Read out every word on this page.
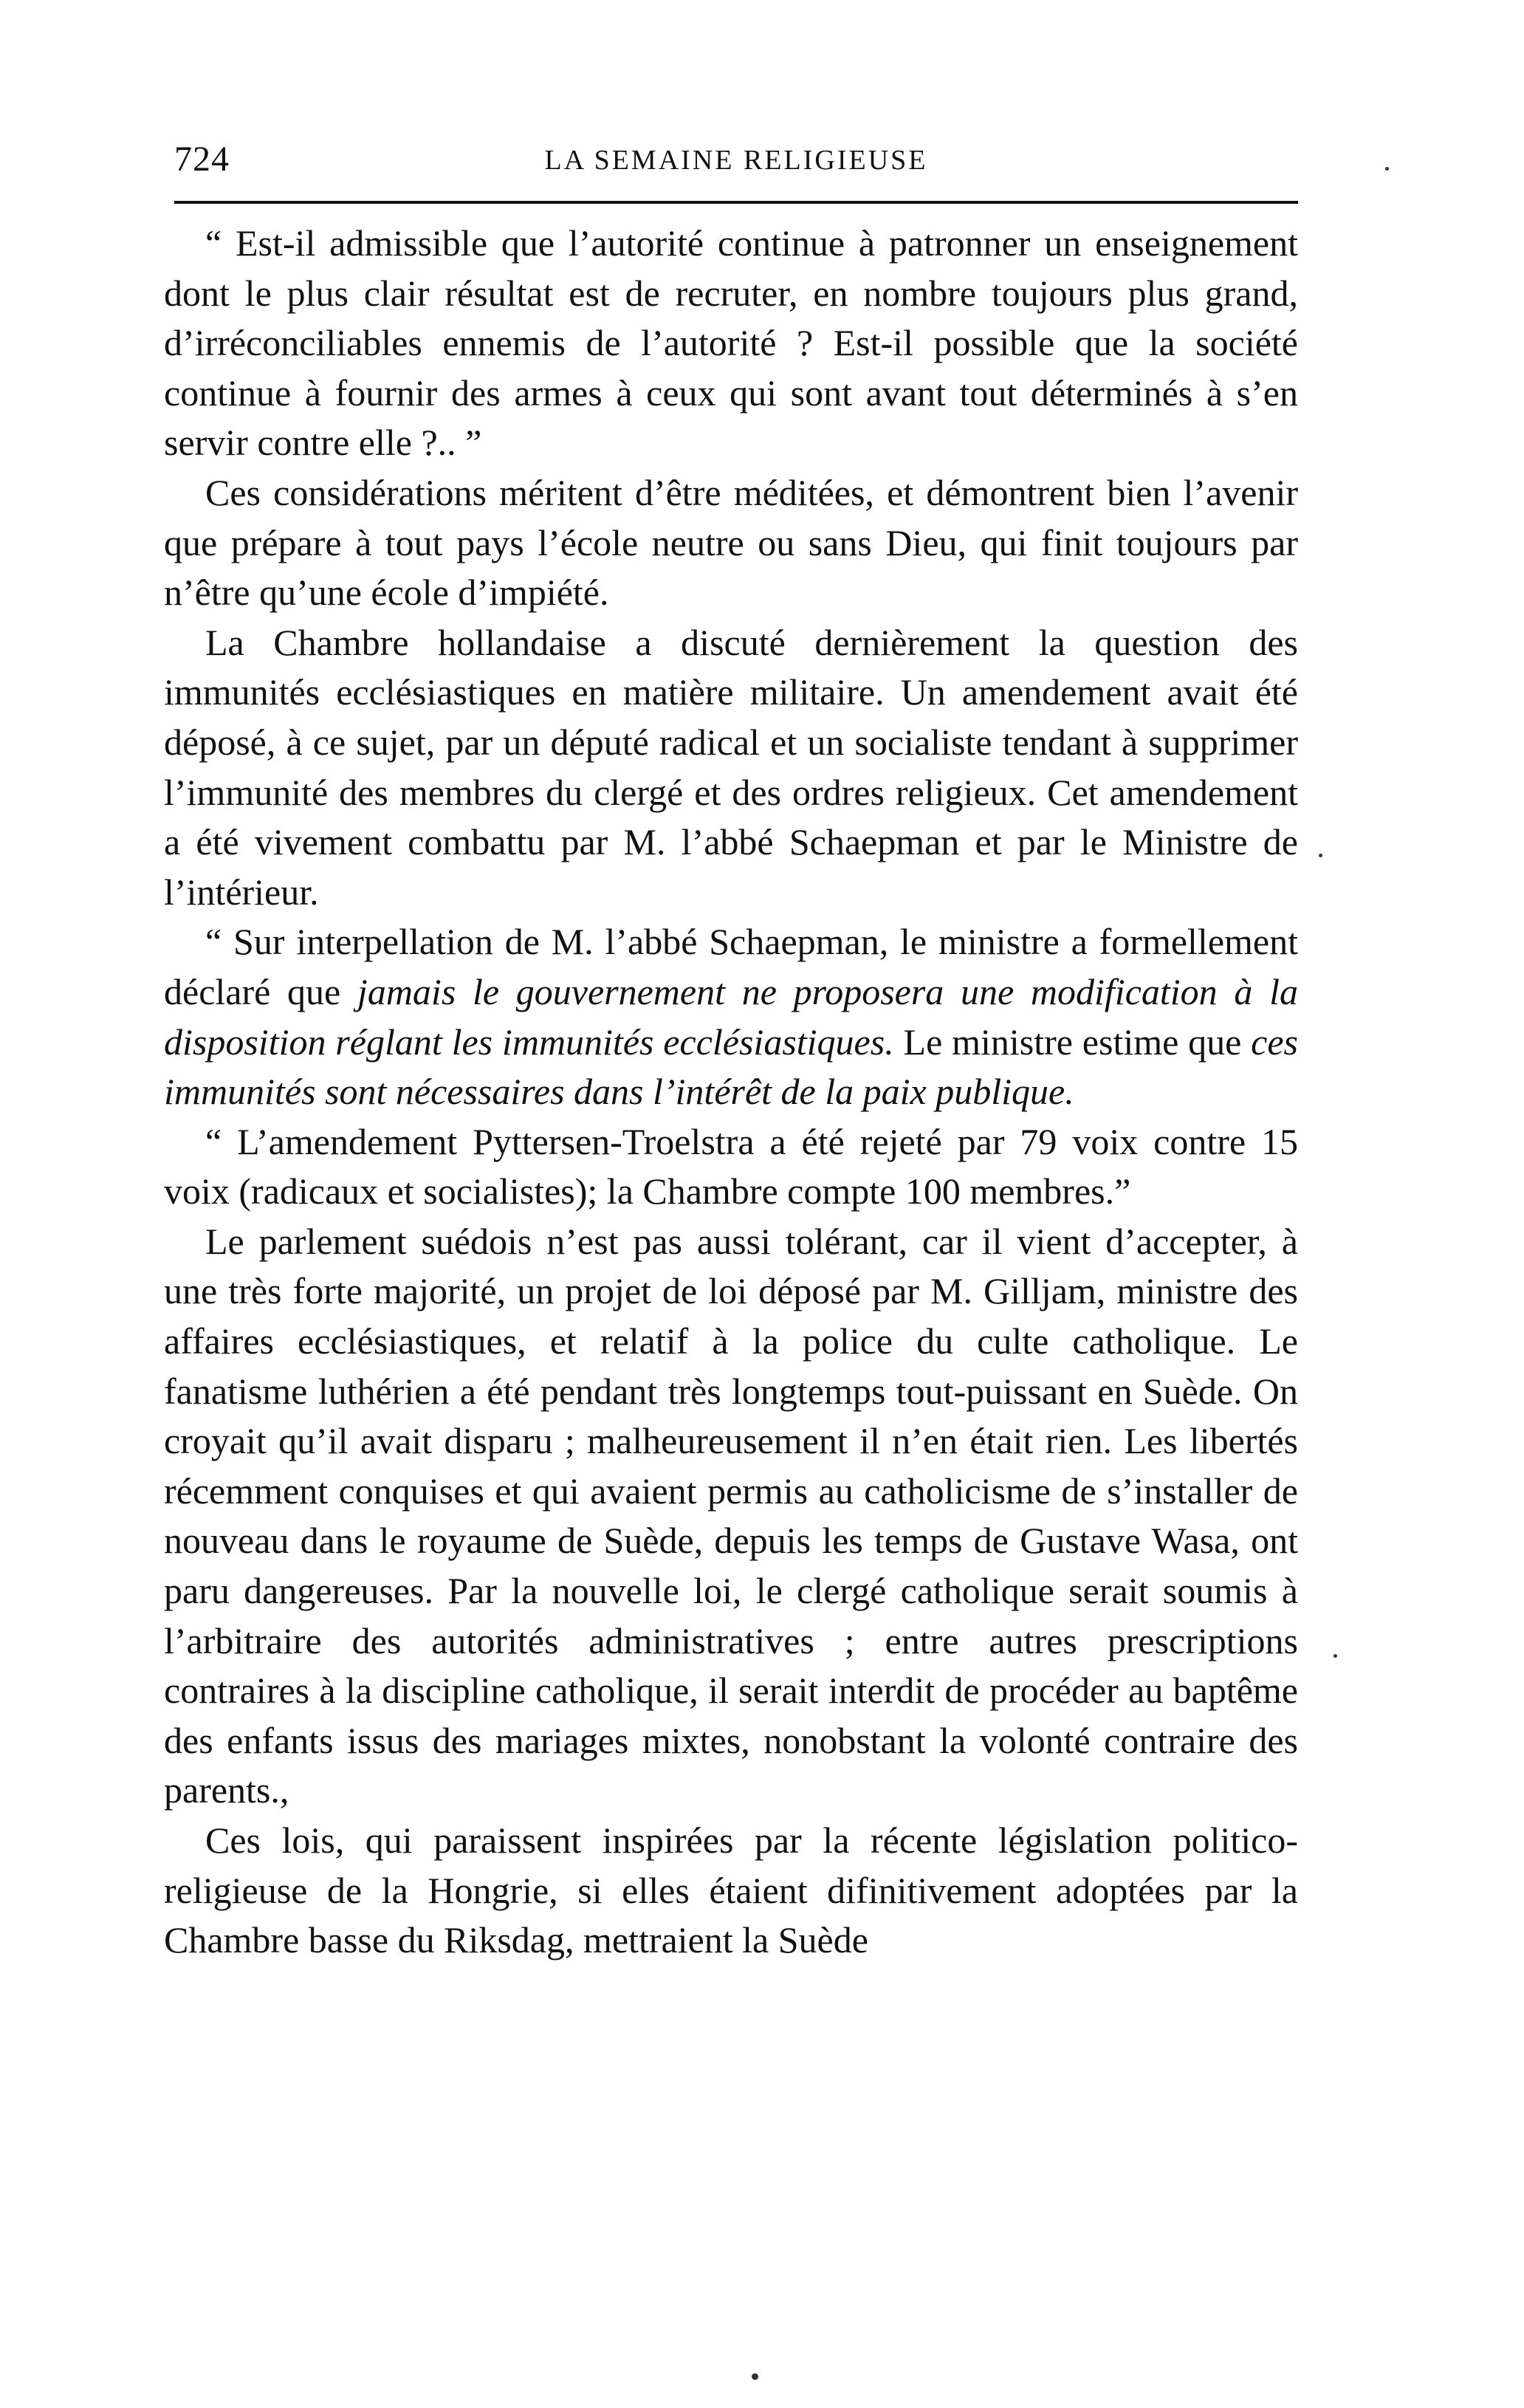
724	LA SEMAINE RELIGIEUSE

“ Est-il admissible que l’autorité continue à patronner un enseignement dont le plus clair résultat est de recruter, en nombre toujours plus grand, d’irréconciliables ennemis de l’autorité ? Est-il possible que la société continue à fournir des armes à ceux qui sont avant tout déterminés à s’en servir contre elle ?.. ”

Ces considérations méritent d’être méditées, et démontrent bien l’avenir que prépare à tout pays l’école neutre ou sans Dieu, qui finit toujours par n’être qu’une école d’impiété.

La Chambre hollandaise a discuté dernièrement la question des immunités ecclésiastiques en matière militaire. Un amendement avait été déposé, à ce sujet, par un député radical et un socialiste tendant à supprimer l’immunité des membres du clergé et des ordres religieux. Cet amendement a été vivement combattu par M. l’abbé Schaepman et par le Ministre de l’intérieur.

“ Sur interpellation de M. l’abbé Schaepman, le ministre a formellement déclaré que jamais le gouvernement ne proposera une modification à la disposition réglant les immunités ecclésiastiques. Le ministre estime que ces immunités sont nécessaires dans l’intérêt de la paix publique.

“ L’amendement Pyttersen-Troelstra a été rejeté par 79 voix contre 15 voix (radicaux et socialistes); la Chambre compte 100 membres.”

Le parlement suédois n’est pas aussi tolérant, car il vient d’accepter, à une très forte majorité, un projet de loi déposé par M. Gilljam, ministre des affaires ecclésiastiques, et relatif à la police du culte catholique. Le fanatisme luthérien a été pendant très longtemps tout-puissant en Suède. On croyait qu’il avait disparu ; malheureusement il n’en était rien. Les libertés récemment conquises et qui avaient permis au catholicisme de s’installer de nouveau dans le royaume de Suède, depuis les temps de Gustave Wasa, ont paru dangereuses. Par la nouvelle loi, le clergé catholique serait soumis à l’arbitraire des autorités administratives ; entre autres prescriptions contraires à la discipline catholique, il serait interdit de procéder au baptême des enfants issus des mariages mixtes, nonobstant la volonté contraire des parents.,

Ces lois, qui paraissent inspirées par la récente législation politico-religieuse de la Hongrie, si elles étaient difinitivement adoptées par la Chambre basse du Riksdag, mettraient la Suède
